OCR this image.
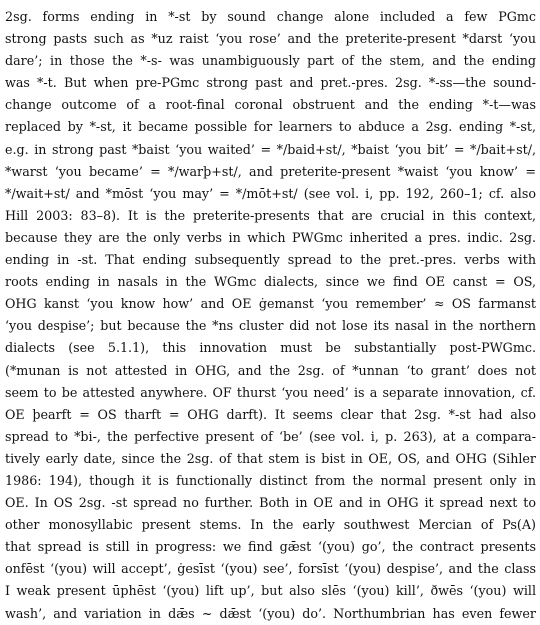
2sg. forms ending in *-st by sound change alone included a few PGmc
strong pasts such as *uz raist ‘you rose’ and the preterite-present *darst ‘you
dare’; in those the *-s- was unambiguously part of the stem, and the ending
was *-t. But when pre-PGmc strong past and pret.-pres. 2sg. *-ss—the sound-
change outcome of a root-final coronal obstruent and the ending *-t—was
replaced by *-st, it became possible for learners to abduce a 2sg. ending *-st,
e.g. in strong past *baist ‘you waited’ = */baid+st/, *baist ‘you bit’ = */bait+st/,
*warst ‘you became’ = */warþ+st/, and preterite-present *waist ‘you know’ =
*/wait+st/ and *mōst ‘you may’ = */mōt+st/ (see vol. i, pp. 192, 260–1; cf. also
Hill 2003: 83–8). It is the preterite-presents that are crucial in this context,
because they are the only verbs in which PWGmc inherited a pres. indic. 2sg.
ending in -st. That ending subsequently spread to the pret.-pres. verbs with
roots ending in nasals in the WGmc dialects, since we find OE canst = OS,
OHG kanst ‘you know how’ and OE ġemanst ‘you remember’ ≈ OS farmanst
‘you despise’; but because the *ns cluster did not lose its nasal in the northern
dialects (see 5.1.1), this innovation must be substantially post-PWGmc.
(*munan is not attested in OHG, and the 2sg. of *unnan ‘to grant’ does not
seem to be attested anywhere. OF thurst ‘you need’ is a separate innovation, cf.
OE þearft = OS tharft = OHG darft). It seems clear that 2sg. *-st had also
spread to *bi-, the perfective present of ‘be’ (see vol. i, p. 263), at a compara-
tively early date, since the 2sg. of that stem is bist in OE, OS, and OHG (Sihler
1986: 194), though it is functionally distinct from the normal present only in
OE. In OS 2sg. -st spread no further. Both in OE and in OHG it spread next to
other monosyllabic present stems. In the early southwest Mercian of Ps(A)
that spread is still in progress: we find gǣst ‘(you) go’, the contract presents
onfēst ‘(you) will accept’, ġesīst ‘(you) see’, forsīst ‘(you) despise’, and the class
I weak present ūphēst ‘(you) lift up’, but also slēs ‘(you) kill’, ðwēs ‘(you) will
wash’, and variation in dǣs ~ dǣst ‘(you) do’. Northumbrian has even fewer
